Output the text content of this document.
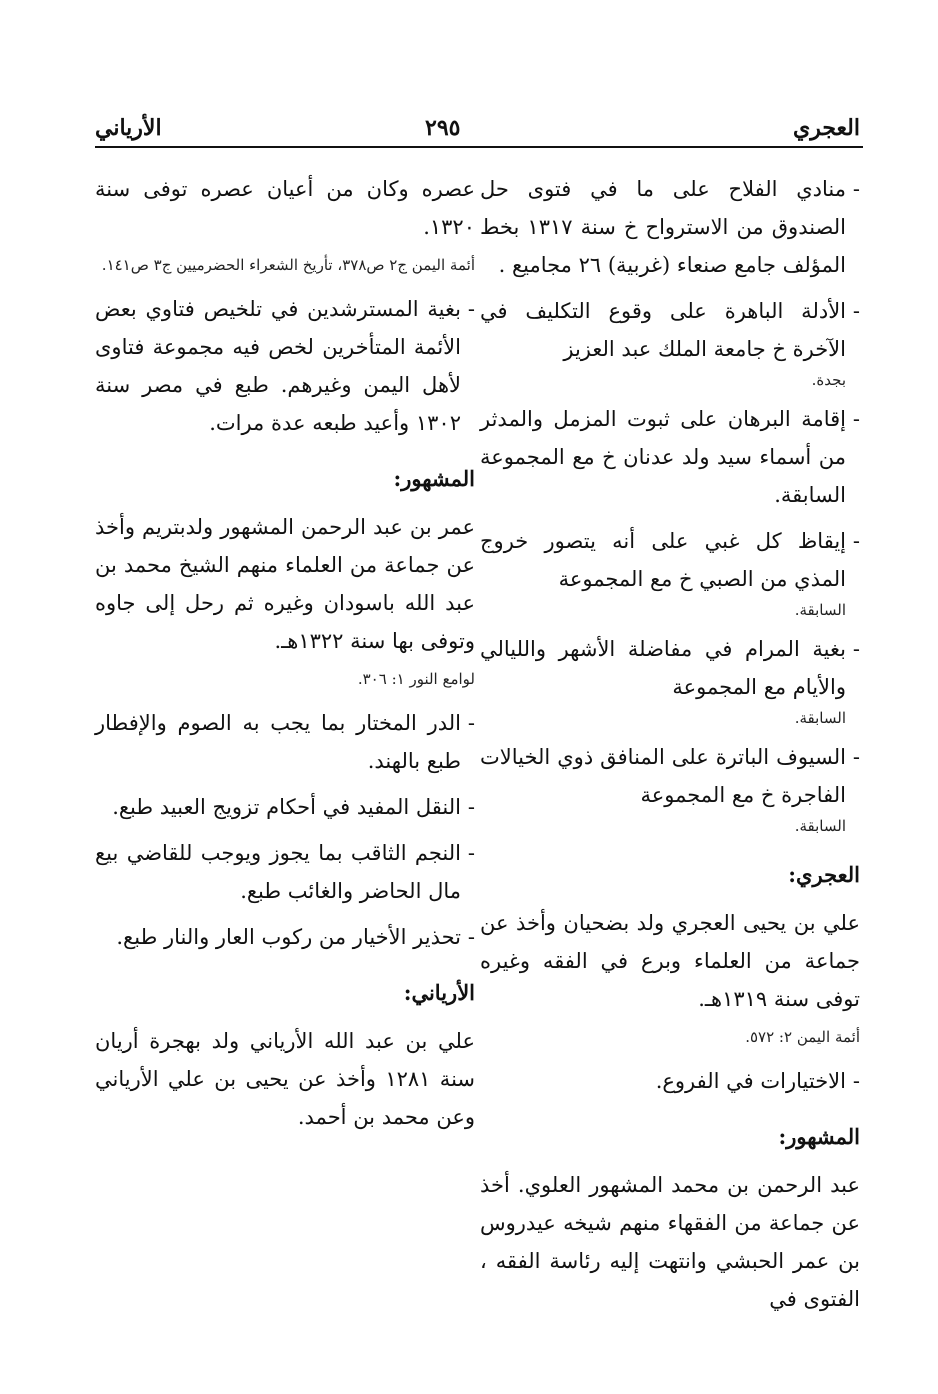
العجري
٢٩٥
الأرياني
-منادي الفلاح على ما في فتوى حل الصندوق من الاسترواح خ سنة ١٣١٧ بخط المؤلف جامع صنعاء (غربية) ٢٦ مجاميع .
-الأدلة الباهرة على وقوع التكليف في الآخرة خ جامعة الملك عبد العزيز
بجدة.
-إقامة البرهان على ثبوت المزمل والمدثر من أسماء سيد ولد عدنان خ مع المجموعة السابقة.
-إيقاظ كل غبي على أنه يتصور خروج المذي من الصبي خ مع المجموعة
السابقة.
-بغية المرام في مفاضلة الأشهر والليالي والأيام مع المجموعة
السابقة.
-السيوف الباترة على المنافق ذوي الخيالات الفاجرة خ مع المجموعة
السابقة.
العجري:
علي بن يحيى العجري ولد بضحيان وأخذ عن جماعة من العلماء وبرع في الفقه وغيره توفى سنة ١٣١٩هـ.
أئمة اليمن ٢: ٥٧٢.
-الاختيارات في الفروع.
المشهور:
عبد الرحمن بن محمد المشهور العلوي. أخذ عن جماعة من الفقهاء منهم شيخه عيدروس بن عمر الحبشي وانتهت إليه رئاسة الفقه ، الفتوى في
عصره وكان من أعيان عصره توفى سنة ١٣٢٠.
أئمة اليمن ج٢ ص٣٧٨، تأريخ الشعراء الحضرميين ج٣ ص١٤١.
-بغية المسترشدين في تلخيص فتاوي بعض الأئمة المتأخرين لخص فيه مجموعة فتاوى لأهل اليمن وغيرهم. طبع في مصر سنة ١٣٠٢ وأعيد طبعه عدة مرات.
المشهور:
عمر بن عبد الرحمن المشهور ولدبتريم وأخذ عن جماعة من العلماء منهم الشيخ محمد بن عبد الله باسودان وغيره ثم رحل إلى جاوه وتوفى بها سنة ١٣٢٢هـ.
لوامع النور ١: ٣٠٦.
-الدر المختار بما يجب به الصوم والإفطار طبع بالهند.
-النقل المفيد في أحكام تزويج العبيد طبع.
-النجم الثاقب بما يجوز ويوجب للقاضي بيع مال الحاضر والغائب طبع.
-تحذير الأخيار من ركوب العار والنار طبع.
الأرياني:
علي بن عبد الله الأرياني ولد بهجرة أريان سنة ١٢٨١ وأخذ عن يحيى بن علي الأرياني وعن محمد بن أحمد.
